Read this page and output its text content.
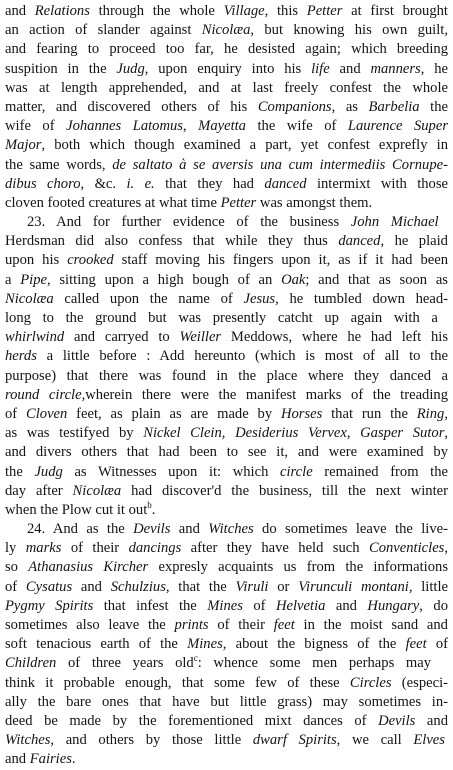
and Relations through the whole Village, this Petter at first brought
an action of slander against Nicolæa, but knowing his own guilt,
and fearing to proceed too far, he desisted again; which breeding
suspition in the Judg, upon enquiry into his life and manners, he
was at length apprehended, and at last freely confest the whole
matter, and discovered others of his Companions, as Barbelia the
wife of Johannes Latomus, Mayetta the wife of Laurence Super
Major, both which though examined a part, yet confest exprefly in
the same words, de saltato à se aversis una cum intermediis Cornupe-
dibus choro, &c. i. e. that they had danced intermixt with those
cloven footed creatures at what time Petter was amongst them.
23. And for further evidence of the business John Michael
Herdsman did also confess that while they thus danced, he plaid
upon his crooked staff moving his fingers upon it, as if it had been
a Pipe, sitting upon a high bough of an Oak; and that as soon as
Nicolæa called upon the name of Jesus, he tumbled down head-
long to the ground but was presently catcht up again with a
whirlwind and carryed to Weiller Meddows, where he had left his
herds a little before : Add hereunto (which is most of all to the
purpose) that there was found in the place where they danced a
round circle,wherein there were the manifest marks of the treading
of Cloven feet, as plain as are made by Horses that run the Ring,
as was testifyed by Nickel Clein, Desiderius Vervex, Gasper Sutor,
and divers others that had been to see it, and were examined by
the Judg as Witnesses upon it: which circle remained from the
day after Nicolæa had discover'd the business, till the next winter
when the Plow cut it out$^b$.
24. And as the Devils and Witches do sometimes leave the live-
ly marks of their dancings after they have held such Conventicles,
so Athanasius Kircher expresly acquaints us from the informations
of Cysatus and Schulzius, that the Viruli or Virunculi montani, little
Pygmy Spirits that infest the Mines of Helvetia and Hungary, do
sometimes also leave the prints of their feet in the moist sand and
soft tenacious earth of the Mines, about the bigness of the feet of
Children of three years old$^c$: whence some men perhaps may
think it probable enough, that some few of these Circles (especi-
ally the bare ones that have but little grass) may sometimes in-
deed be made by the forementioned mixt dances of Devils and
Witches, and others by those little dwarf Spirits, we call Elves
and Fairies.
